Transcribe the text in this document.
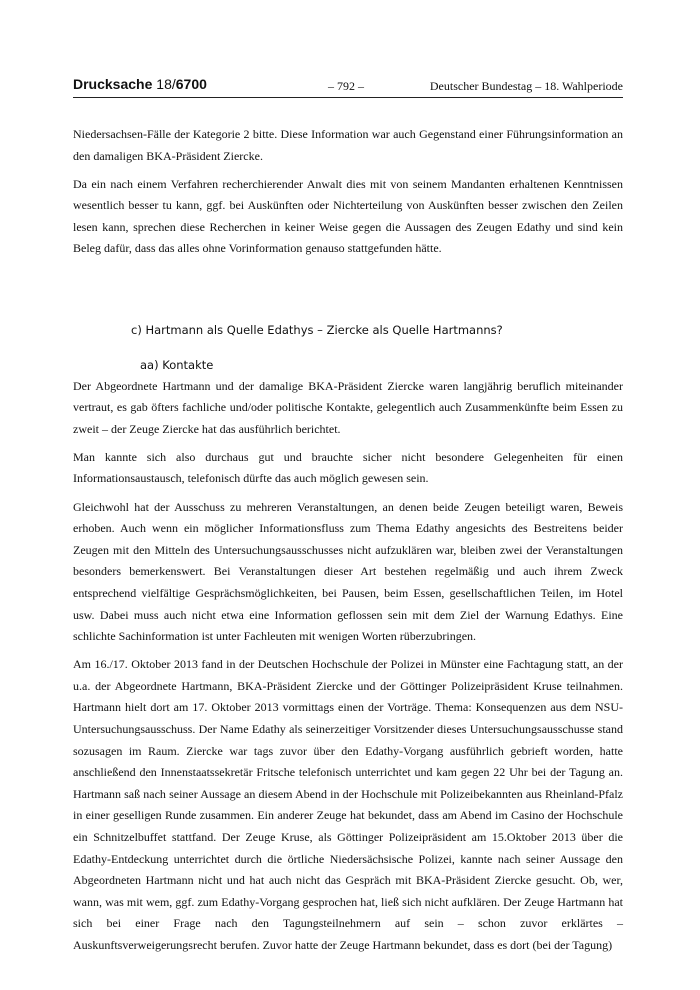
Drucksache 18/6700	– 792 –	Deutscher Bundestag – 18. Wahlperiode

Niedersachsen-Fälle der Kategorie 2 bitte. Diese Information war auch Gegenstand einer Führungsinformation an den damaligen BKA-Präsident Ziercke.

Da ein nach einem Verfahren recherchierender Anwalt dies mit von seinem Mandanten erhaltenen Kenntnissen wesentlich besser tu kann, ggf. bei Auskünften oder Nichterteilung von Auskünften besser zwischen den Zeilen lesen kann, sprechen diese Recherchen in keiner Weise gegen die Aussagen des Zeugen Edathy und sind kein Beleg dafür, dass das alles ohne Vorinformation genauso stattgefunden hätte.

c) Hartmann als Quelle Edathys – Ziercke als Quelle Hartmanns?
aa) Kontakte

Der Abgeordnete Hartmann und der damalige BKA-Präsident Ziercke waren langjährig beruflich miteinander vertraut, es gab öfters fachliche und/oder politische Kontakte, gelegentlich auch Zusammenkünfte beim Essen zu zweit – der Zeuge Ziercke hat das ausführlich berichtet.

Man kannte sich also durchaus gut und brauchte sicher nicht besondere Gelegenheiten für einen Informationsaustausch, telefonisch dürfte das auch möglich gewesen sein.

Gleichwohl hat der Ausschuss zu mehreren Veranstaltungen, an denen beide Zeugen beteiligt waren, Beweis erhoben. Auch wenn ein möglicher Informationsfluss zum Thema Edathy angesichts des Bestreitens beider Zeugen mit den Mitteln des Untersuchungsausschusses nicht aufzuklären war, bleiben zwei der Veranstaltungen besonders bemerkenswert. Bei Veranstaltungen dieser Art bestehen regelmäßig und auch ihrem Zweck entsprechend vielfältige Gesprächsmöglichkeiten, bei Pausen, beim Essen, gesellschaftlichen Teilen, im Hotel usw. Dabei muss auch nicht etwa eine Information geflossen sein mit dem Ziel der Warnung Edathys. Eine schlichte Sachinformation ist unter Fachleuten mit wenigen Worten rüberzubringen.

Am 16./17. Oktober 2013 fand in der Deutschen Hochschule der Polizei in Münster eine Fachtagung statt, an der u.a. der Abgeordnete Hartmann, BKA-Präsident Ziercke und der Göttinger Polizeipräsident Kruse teilnahmen. Hartmann hielt dort am 17. Oktober 2013 vormittags einen der Vorträge. Thema: Konsequenzen aus dem NSU-Untersuchungsausschuss. Der Name Edathy als seinerzeitiger Vorsitzender dieses Untersuchungsausschusse stand sozusagen im Raum. Ziercke war tags zuvor über den Edathy-Vorgang ausführlich gebrieft worden, hatte anschließend den Innenstaatssekretär Fritsche telefonisch unterrichtet und kam gegen 22 Uhr bei der Tagung an. Hartmann saß nach seiner Aussage an diesem Abend in der Hochschule mit Polizeibekannten aus Rheinland-Pfalz in einer geselligen Runde zusammen. Ein anderer Zeuge hat bekundet, dass am Abend im Casino der Hochschule ein Schnitzelbuffet stattfand. Der Zeuge Kruse, als Göttinger Polizeipräsident am 15.Oktober 2013 über die Edathy-Entdeckung unterrichtet durch die örtliche Niedersächsische Polizei, kannte nach seiner Aussage den Abgeordneten Hartmann nicht und hat auch nicht das Gespräch mit BKA-Präsident Ziercke gesucht. Ob, wer, wann, was mit wem, ggf. zum Edathy-Vorgang gesprochen hat, ließ sich nicht aufklären. Der Zeuge Hartmann hat sich bei einer Frage nach den Tagungsteilnehmern auf sein – schon zuvor erklärtes – Auskunftsverweigerungsrecht berufen. Zuvor hatte der Zeuge Hartmann bekundet, dass es dort (bei der Tagung)
